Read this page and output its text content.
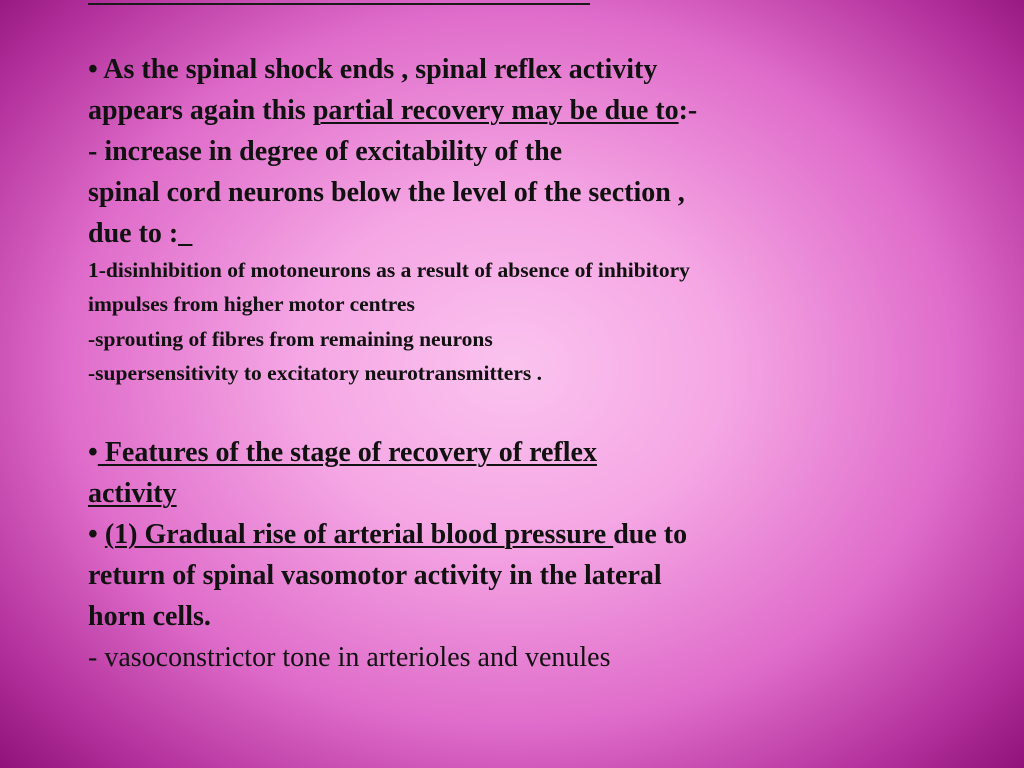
• As the spinal shock ends , spinal reflex activity
appears again this partial recovery may be due to:-
- increase in degree of excitability of the
spinal cord neurons below the level of the section ,
due to :_
1-disinhibition of motoneurons as a result of absence of inhibitory
impulses from higher motor centres
-sprouting of fibres from remaining neurons
-supersensitivity to excitatory neurotransmitters .
• Features of the stage of recovery of reflex
activity
• (1) Gradual rise of arterial blood pressure due to
return of spinal vasomotor activity in the lateral
horn cells.
- vasoconstrictor tone in arterioles and venules
